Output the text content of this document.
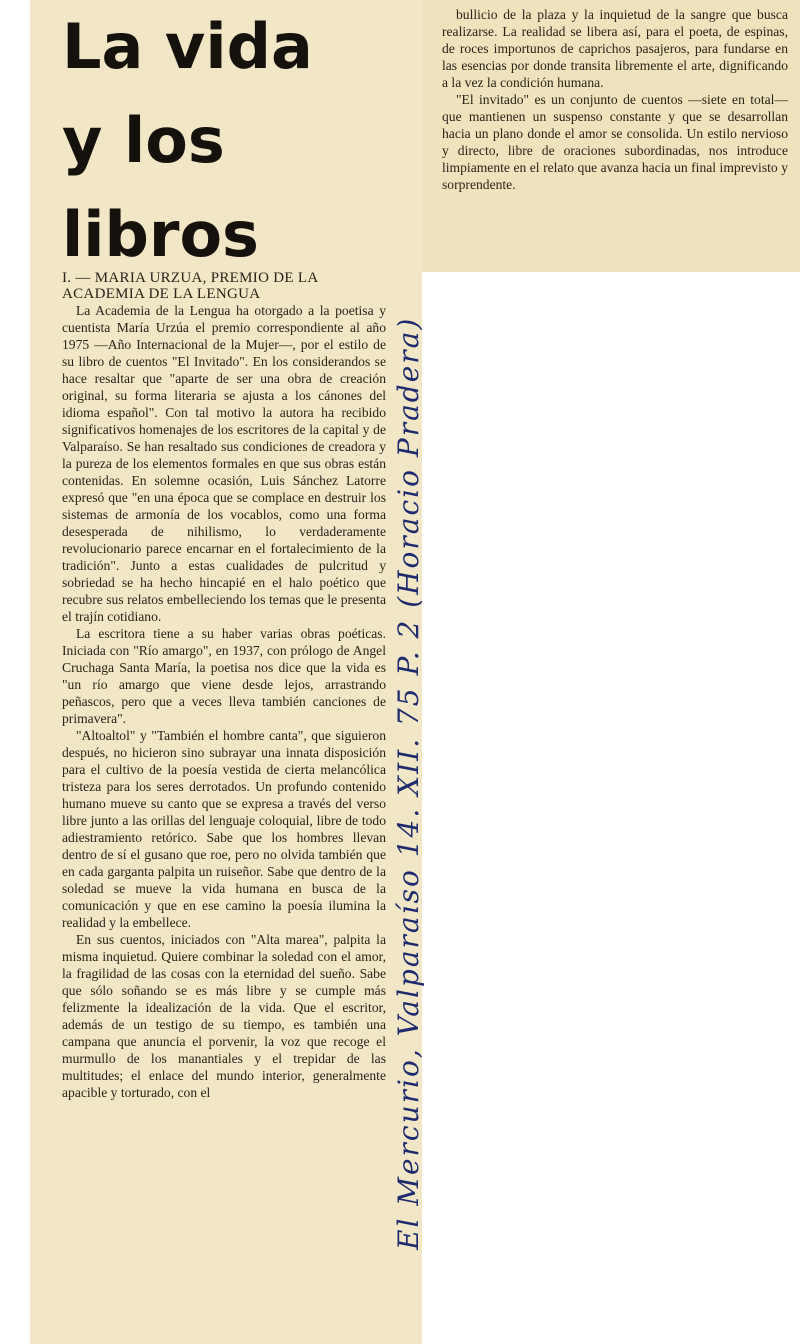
La vida
y los
libros

bullicio de la plaza y la inquietud de la sangre que busca realizarse. La realidad se libera así, para el poeta, de espinas, de roces importunos de caprichos pasajeros, para fundarse en las esencias por donde transita libremente el arte, dignificando a la vez la condición humana.

"El invitado" es un conjunto de cuentos —siete en total— que mantienen un suspenso constante y que se desarrollan hacia un plano donde el amor se consolida. Un estilo nervioso y directo, libre de oraciones subordinadas, nos introduce limpiamente en el relato que avanza hacia un final imprevisto y sorprendente.

I. — MARIA URZUA, PREMIO DE LA ACADEMIA DE LA LENGUA

La Academia de la Lengua ha otorgado a la poetisa y cuentista María Urzúa el premio correspondiente al año 1975 —Año Internacional de la Mujer—, por el estilo de su libro de cuentos "El Invitado". En los considerandos se hace resaltar que "aparte de ser una obra de creación original, su forma literaria se ajusta a los cánones del idioma español". Con tal motivo la autora ha recibido significativos homenajes de los escritores de la capital y de Valparaíso. Se han resaltado sus condiciones de creadora y la pureza de los elementos formales en que sus obras están contenidas. En solemne ocasión, Luis Sánchez Latorre expresó que "en una época que se complace en destruir los sistemas de armonía de los vocablos, como una forma desesperada de nihilismo, lo verdaderamente revolucionario parece encarnar en el fortalecimiento de la tradición". Junto a estas cualidades de pulcritud y sobriedad se ha hecho hincapié en el halo poético que recubre sus relatos embelleciendo los temas que le presenta el trajín cotidiano.

La escritora tiene a su haber varias obras poéticas. Iniciada con "Río amargo", en 1937, con prólogo de Angel Cruchaga Santa María, la poetisa nos dice que la vida es "un río amargo que viene desde lejos, arrastrando peñascos, pero que a veces lleva también canciones de primavera".

"Altoaltol" y "También el hombre canta", que siguieron después, no hicieron sino subrayar una innata disposición para el cultivo de la poesía vestida de cierta melancólica tristeza para los seres derrotados. Un profundo contenido humano mueve su canto que se expresa a través del verso libre junto a las orillas del lenguaje coloquial, libre de todo adiestramiento retórico. Sabe que los hombres llevan dentro de sí el gusano que roe, pero no olvida también que en cada garganta palpita un ruiseñor. Sabe que dentro de la soledad se mueve la vida humana en busca de la comunicación y que en ese camino la poesía ilumina la realidad y la embellece.

En sus cuentos, iniciados con "Alta marea", palpita la misma inquietud. Quiere combinar la soledad con el amor, la fragilidad de las cosas con la eternidad del sueño. Sabe que sólo soñando se es más libre y se cumple más felizmente la idealización de la vida. Que el escritor, además de un testigo de su tiempo, es también una campana que anuncia el porvenir, la voz que recoge el murmullo de los manantiales y el trepidar de las multitudes; el enlace del mundo interior, generalmente apacible y torturado, con el	El Mercurio, Valparaíso 14. XII. 75 P. 2 (Horacio Pradera)
